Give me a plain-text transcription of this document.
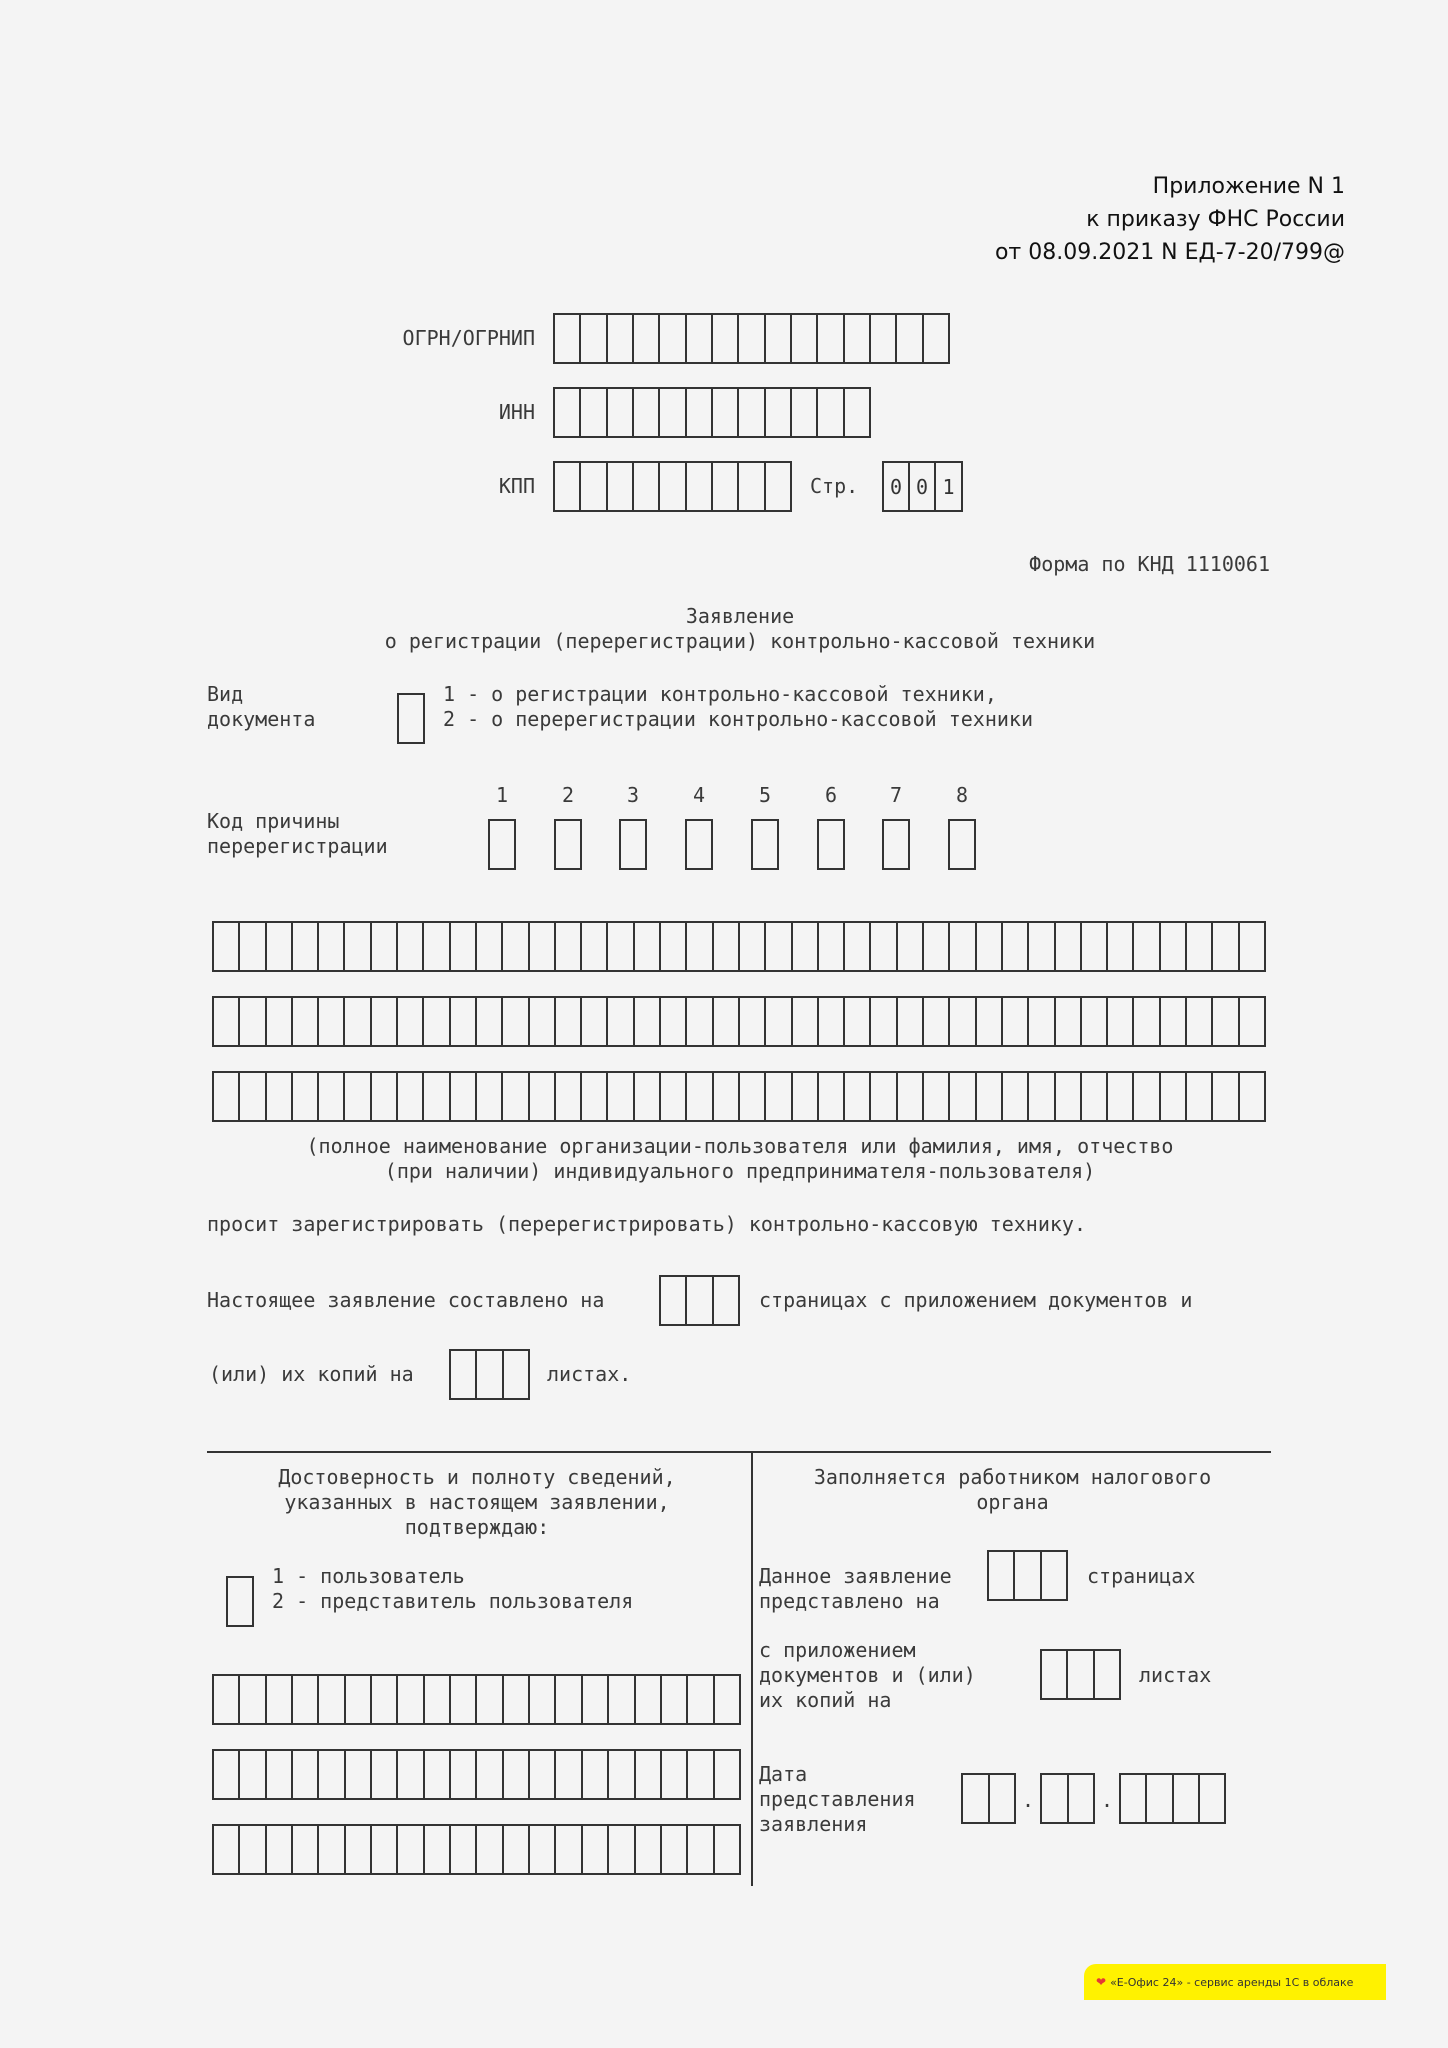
Приложение N 1
к приказу ФНС России
от 08.09.2021 N ЕД-7-20/799@
ОГРН/ОГРНИП
ИНН
КПП	Стр. 0 0 1
Форма по КНД 1110061
Заявление
о регистрации (перерегистрации) контрольно-кассовой техники
Вид
документа
1 - о регистрации контрольно-кассовой техники,
2 - о перерегистрации контрольно-кассовой техники
Код причины
перерегистрации
1	2	3	4	5	6	7	8
(полное наименование организации-пользователя или фамилия, имя, отчество
(при наличии) индивидуального предпринимателя-пользователя)
просит зарегистрировать (перерегистрировать) контрольно-кассовую технику.
Настоящее заявление составлено на	страницах с приложением документов и
(или) их копий на	листах.
Достоверность и полноту сведений,
указанных в настоящем заявлении,
подтверждаю:
1 - пользователь
2 - представитель пользователя
Заполняется работником налогового
органа
Данное заявление
представлено на
страницах
с приложением
документов и (или)
их копий на
листах
Дата
представления
заявления
.	.
❤ «Е-Офис 24» - сервис аренды 1С в облаке
